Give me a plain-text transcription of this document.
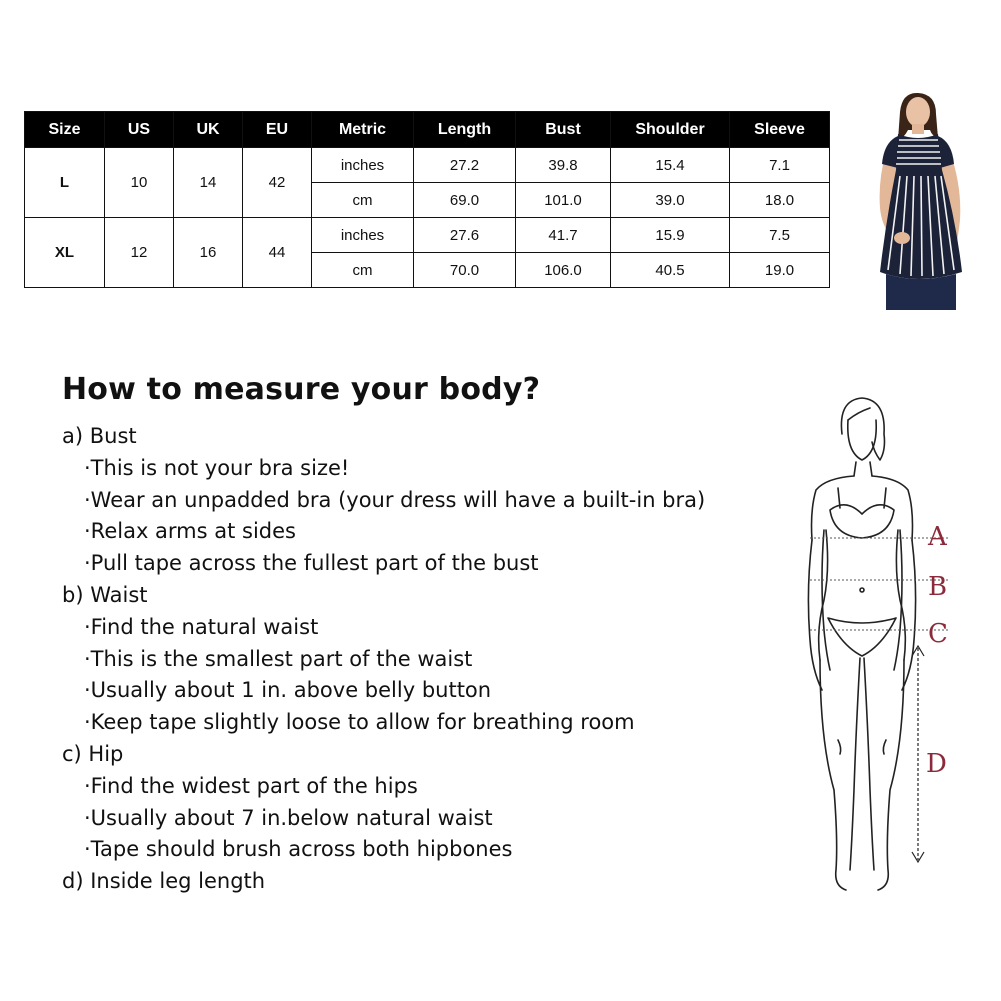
Size	US	UK	EU	Metric	Length	Bust	Shoulder	Sleeve
L	10	14	42	inches	27.2	39.8	15.4	7.1
				cm	69.0	101.0	39.0	18.0
XL	12	16	44	inches	27.6	41.7	15.9	7.5
				cm	70.0	106.0	40.5	19.0
How to measure your body?
a) Bust
·This is not your bra size!
·Wear an unpadded bra (your dress will have a built-in bra)
·Relax arms at sides
·Pull tape across the fullest part of the bust
b) Waist
·Find the natural waist
·This is the smallest part of the waist
·Usually about 1 in. above belly button
·Keep tape slightly loose to allow for breathing room
c) Hip
·Find the widest part of the hips
·Usually about 7 in.below natural waist
·Tape should brush across both hipbones
d) Inside leg length
A
B
C
D
